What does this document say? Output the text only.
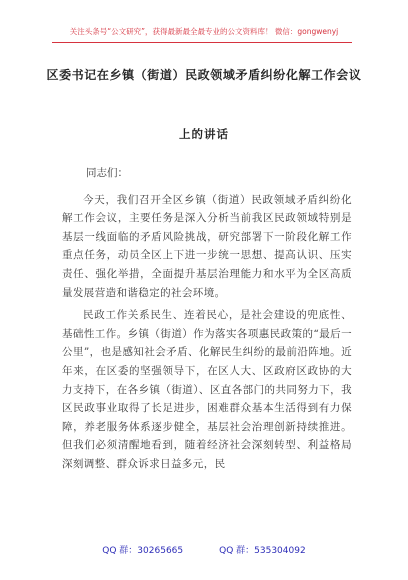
关注头条号“公文研究”，获得最新最全最专业的公文资料库！ 微信：gongwenyj
区委书记在乡镇（街道）民政领域矛盾纠纷化解工作会议
上的讲话
同志们：

今天，我们召开全区乡镇（街道）民政领域矛盾纠纷化解工作会议，主要任务是深入分析当前我区民政领域特别是基层一线面临的矛盾风险挑战，研究部署下一阶段化解工作重点任务，动员全区上下进一步统一思想、提高认识、压实责任、强化举措，全面提升基层治理能力和水平为全区高质量发展营造和谐稳定的社会环境。

民政工作关系民生、连着民心，是社会建设的兜底性、基础性工作。乡镇（街道）作为落实各项惠民政策的“最后一公里”，也是感知社会矛盾、化解民生纠纷的最前沿阵地。近年来，在区委的坚强领导下，在区人大、区政府区政协的大力支持下，在各乡镇（街道）、区直各部门的共同努力下，我区民政事业取得了长足进步，困难群众基本生活得到有力保障，养老服务体系逐步健全，基层社会治理创新持续推进。但我们必须清醒地看到，随着经济社会深刻转型、利益格局深刻调整、群众诉求日益多元，民

QQ 群：30265665	QQ 群：535304092
